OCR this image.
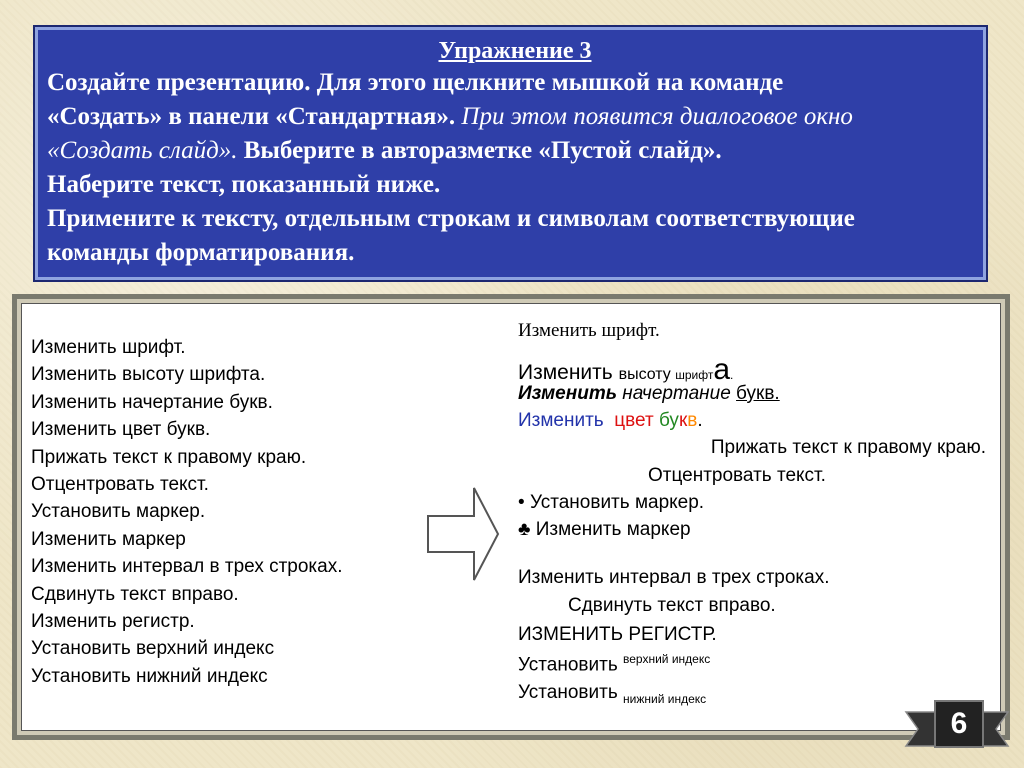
Упражнение 3
Создайте презентацию. Для этого щелкните мышкой на команде
«Создать» в панели «Стандартная». При этом появится диалоговое окно
«Создать слайд». Выберите в авторазметке «Пустой слайд».
Наберите текст, показанный ниже.
Примените к тексту, отдельным строкам и символам соответствующие
команды форматирования.
Изменить шрифт.
Изменить высоту шрифта.
Изменить начертание букв.
Изменить цвет букв.
Прижать текст к правому краю.
Отцентровать текст.
Установить маркер.
Изменить маркер
Изменить интервал в трех строках.
Сдвинуть текст вправо.
Изменить регистр.
Установить верхний индекс
Установить нижний индекс
Изменить шрифт.
Изменить высоту шрифта.
Изменить начертание букв.
Изменить цвет букв.
Прижать текст к правому краю.
Отцентровать текст.
• Установить маркер.
♣ Изменить маркер
Изменить интервал в трех строках.
Сдвинуть текст вправо.
ИЗМЕНИТЬ РЕГИСТР.
Установить $^{верхний индекс}$
Установить $_{нижний индекс}$
6
